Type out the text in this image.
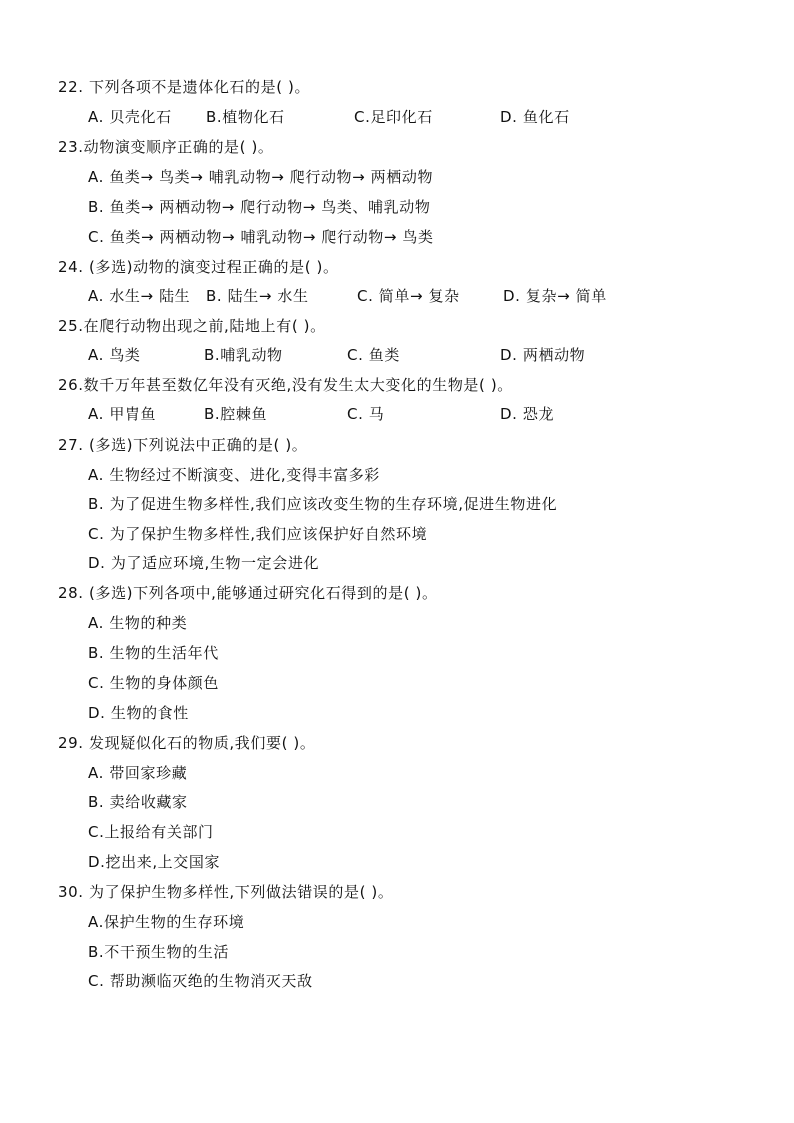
22. 下列各项不是遗体化石的是( )。
A. 贝壳化石 B.植物化石	C.足印化石	D. 鱼化石
23.动物演变顺序正确的是( )。
A. 鱼类→ 鸟类→ 哺乳动物→ 爬行动物→ 两栖动物
B. 鱼类→ 两栖动物→ 爬行动物→ 鸟类、哺乳动物
C. 鱼类→ 两栖动物→ 哺乳动物→ 爬行动物→ 鸟类
24. (多选)动物的演变过程正确的是( )。
A. 水生→ 陆生 B. 陆生→ 水生	C. 简单→ 复杂	D. 复杂→ 简单
25.在爬行动物出现之前,陆地上有( )。
A. 鸟类	B.哺乳动物	C. 鱼类	D. 两栖动物
26.数千万年甚至数亿年没有灭绝,没有发生太大变化的生物是( )。
A. 甲胄鱼	B.腔棘鱼	C. 马	D. 恐龙
27. (多选)下列说法中正确的是( )。
A. 生物经过不断演变、进化,变得丰富多彩
B. 为了促进生物多样性,我们应该改变生物的生存环境,促进生物进化
C. 为了保护生物多样性,我们应该保护好自然环境
D. 为了适应环境,生物一定会进化
28. (多选)下列各项中,能够通过研究化石得到的是( )。
A. 生物的种类
B. 生物的生活年代
C. 生物的身体颜色
D. 生物的食性
29. 发现疑似化石的物质,我们要( )。
A. 带回家珍藏
B. 卖给收藏家
C.上报给有关部门
D.挖出来,上交国家
30. 为了保护生物多样性,下列做法错误的是( )。
A.保护生物的生存环境
B.不干预生物的生活
C. 帮助濒临灭绝的生物消灭天敌
